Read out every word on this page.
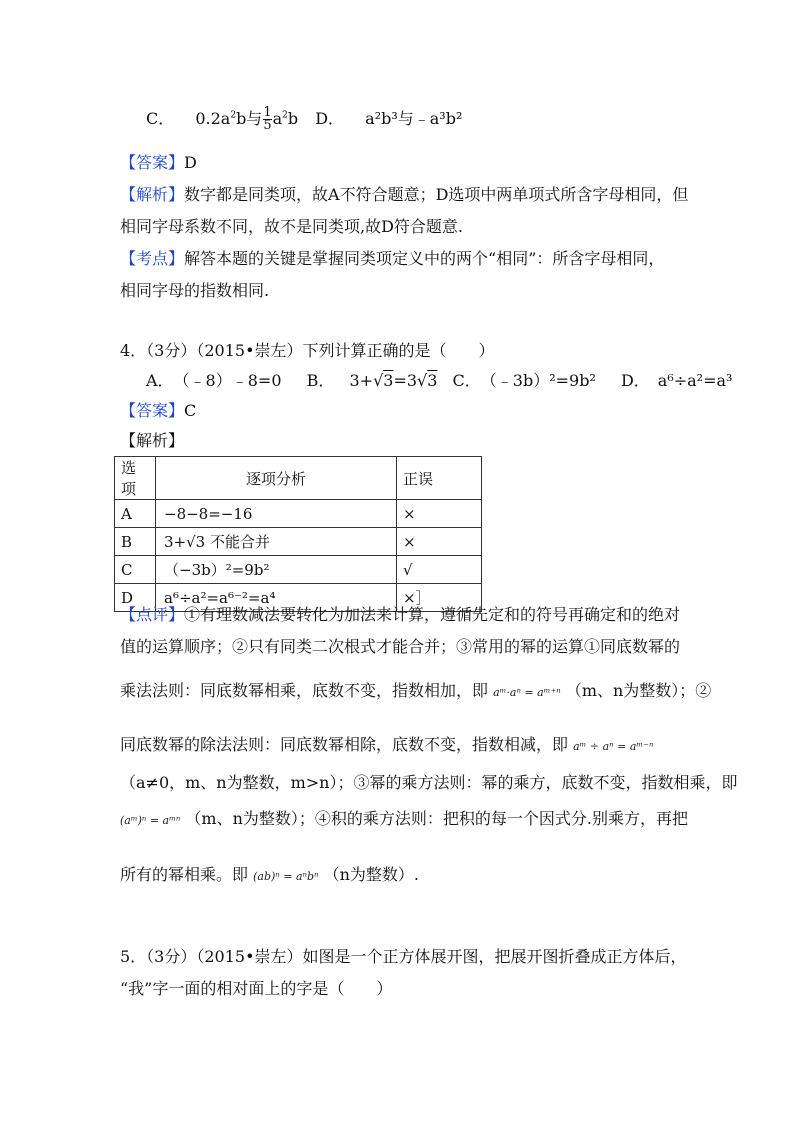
C． $0.2a^2b$与 $\frac{1}{5} a^2b$ D． a²b³与﹣a³b²
【答案】D
【解析】数字都是同类项，故A不符合题意；D选项中两单项式所含字母相同，但
相同字母系数不同，故不是同类项,故D符合题意.
【考点】解答本题的关键是掌握同类项定义中的两个“相同”：所含字母相同，
相同字母的指数相同.
4．（3分）（2015•崇左）下列计算正确的是（　　）
A．　（﹣8）﹣8=0 B． 3+√3=3√3 C．　（﹣3b）²=9b² D．　a⁶÷a²=a³
【答案】C
【解析】
选项	逐项分析	正误
A	−8−8=−16	×
B	3+√3 不能合并	×
C	（−3b）²=9b²	√
D	a⁶÷a²=a⁶⁻²=a⁴	×］
【点评】①有理数减法要转化为加法来计算，遵循先定和的符号再确定和的绝对
值的运算顺序；②只有同类二次根式才能合并；③常用的幂的运算①同底数幂的
乘法法则：同底数幂相乘，底数不变，指数相加，即 aᵐ·aⁿ = aᵐ⁺ⁿ （m、n为整数）；②
同底数幂的除法法则：同底数幂相除，底数不变，指数相减，即 aᵐ ÷ aⁿ = aᵐ⁻ⁿ
（a≠0，m、n为整数，m>n）；③幂的乘方法则：幂的乘方，底数不变，指数相乘，即
(aᵐ)ⁿ = aᵐⁿ （m、n为整数）；④积的乘方法则：把积的每一个因式分.别乘方，再把
所有的幂相乘。即 (ab)ⁿ = aⁿbⁿ （n为整数）.
5．（3分）（2015•崇左）如图是一个正方体展开图，把展开图折叠成正方体后，
“我”字一面的相对面上的字是（　　）
